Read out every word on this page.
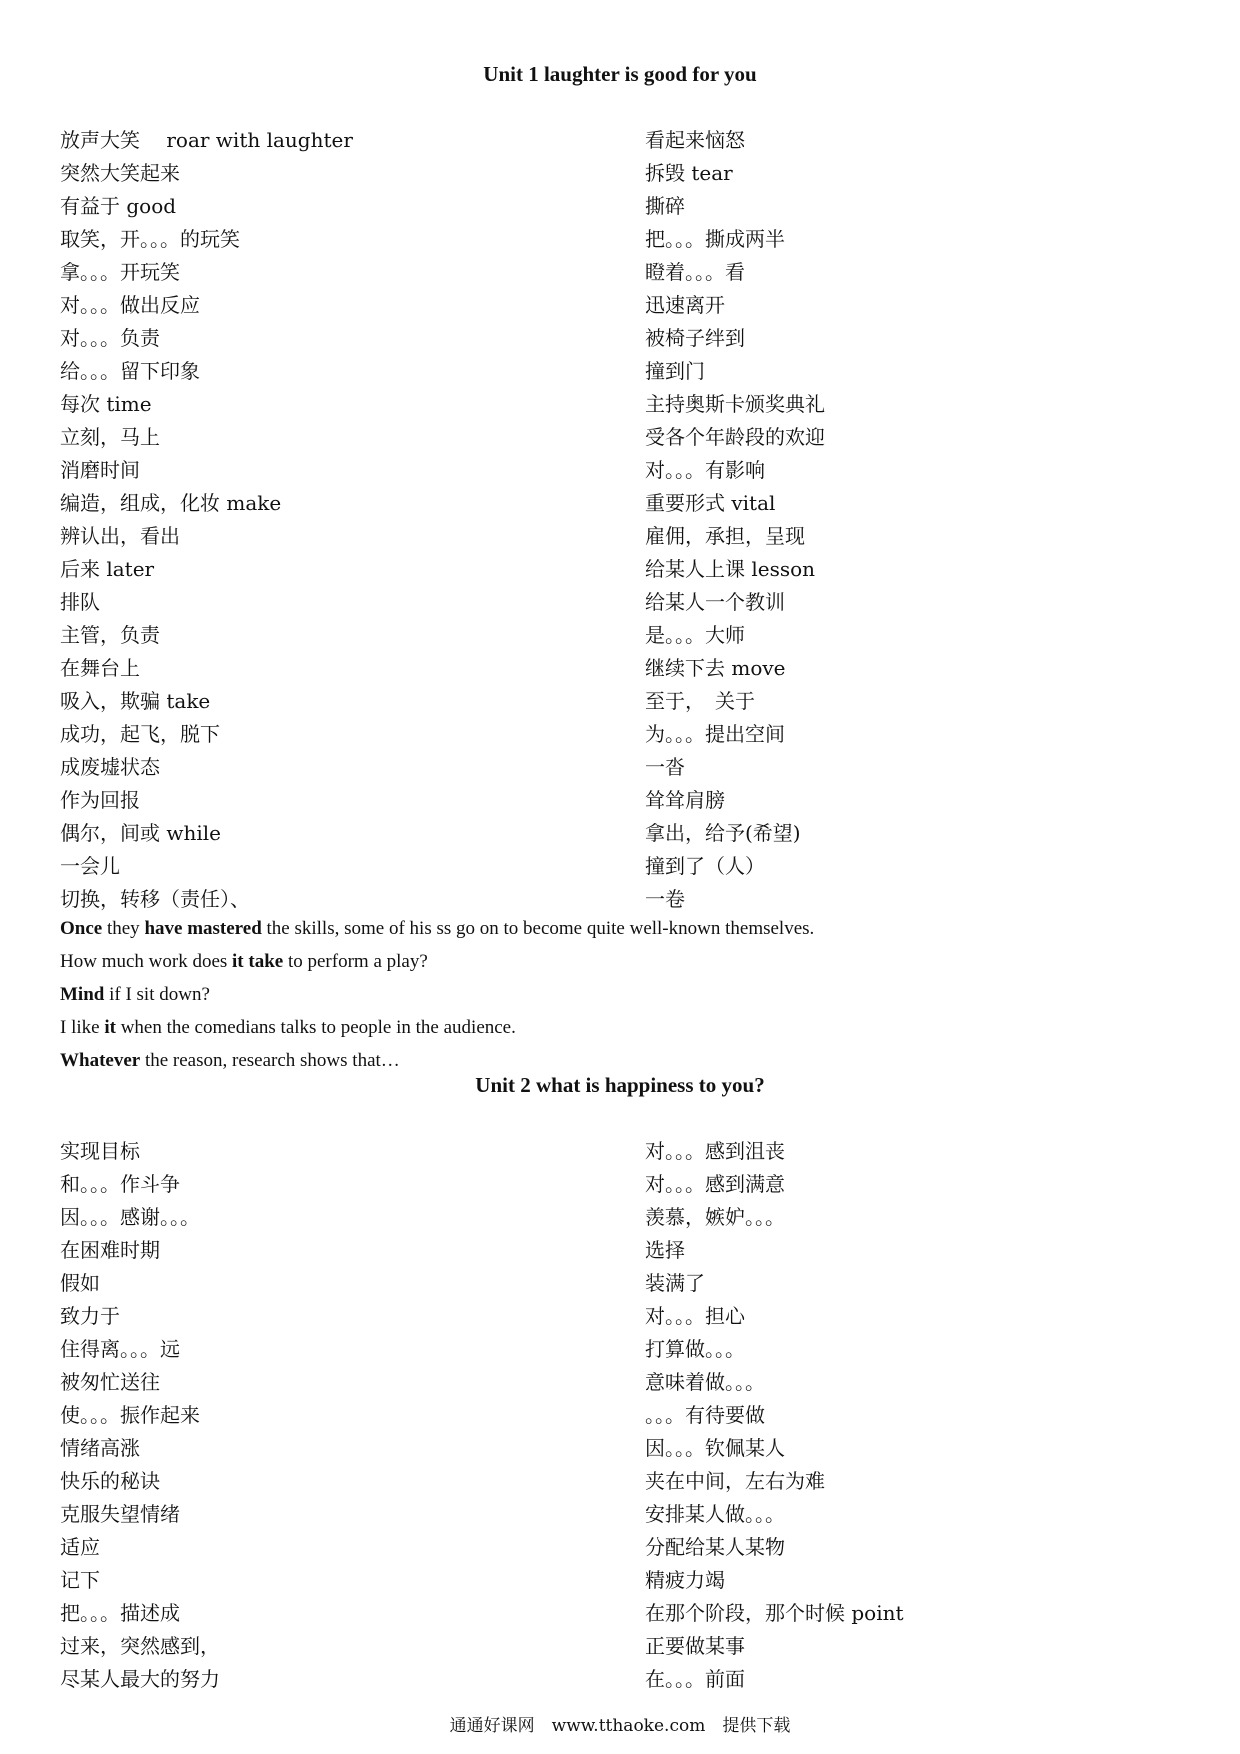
Unit 1 laughter is good for you
放声大笑　 roar with laughter
突然大笑起来
有益于 good
取笑，开。。。的玩笑
拿。。。开玩笑
对。。。做出反应
对。。。负责
给。。。留下印象
每次 time
立刻，马上
消磨时间
编造，组成，化妆 make
辨认出，看出
后来 later
排队
主管，负责
在舞台上
吸入，欺骗 take
成功，起飞，脱下
成废墟状态
作为回报
偶尔，间或 while
一会儿
切换，转移（责任）、
看起来恼怒
拆毁 tear
撕碎
把。。。撕成两半
瞪着。。。看
迅速离开
被椅子绊到
撞到门
主持奥斯卡颁奖典礼
受各个年龄段的欢迎
对。。。有影响
重要形式 vital
雇佣，承担，呈现
给某人上课 lesson
给某人一个教训
是。。。大师
继续下去 move
至于，　关于
为。。。提出空间
一沓
耸耸肩膀
拿出，给予(希望)
撞到了（人）
一卷
Once they have mastered the skills, some of his ss go on to become quite well-known themselves.
How much work does it take to perform a play?
Mind if I sit down?
I like it when the comedians talks to people in the audience.
Whatever the reason, research shows that…
Unit 2 what is happiness to you?
实现目标
和。。。作斗争
因。。。感谢。。。
在困难时期
假如
致力于
住得离。。。远
被匆忙送往
使。。。振作起来
情绪高涨
快乐的秘诀
克服失望情绪
适应
记下
把。。。描述成
过来，突然感到，
尽某人最大的努力
对。。。感到沮丧
对。。。感到满意
羡慕，嫉妒。。。
选择
装满了
对。。。担心
打算做。。。
意味着做。。。
。。。有待要做
因。。。钦佩某人
夹在中间，左右为难
安排某人做。。。
分配给某人某物
精疲力竭
在那个阶段，那个时候 point
正要做某事
在。。。前面
通通好课网　www.tthaoke.com　提供下载
